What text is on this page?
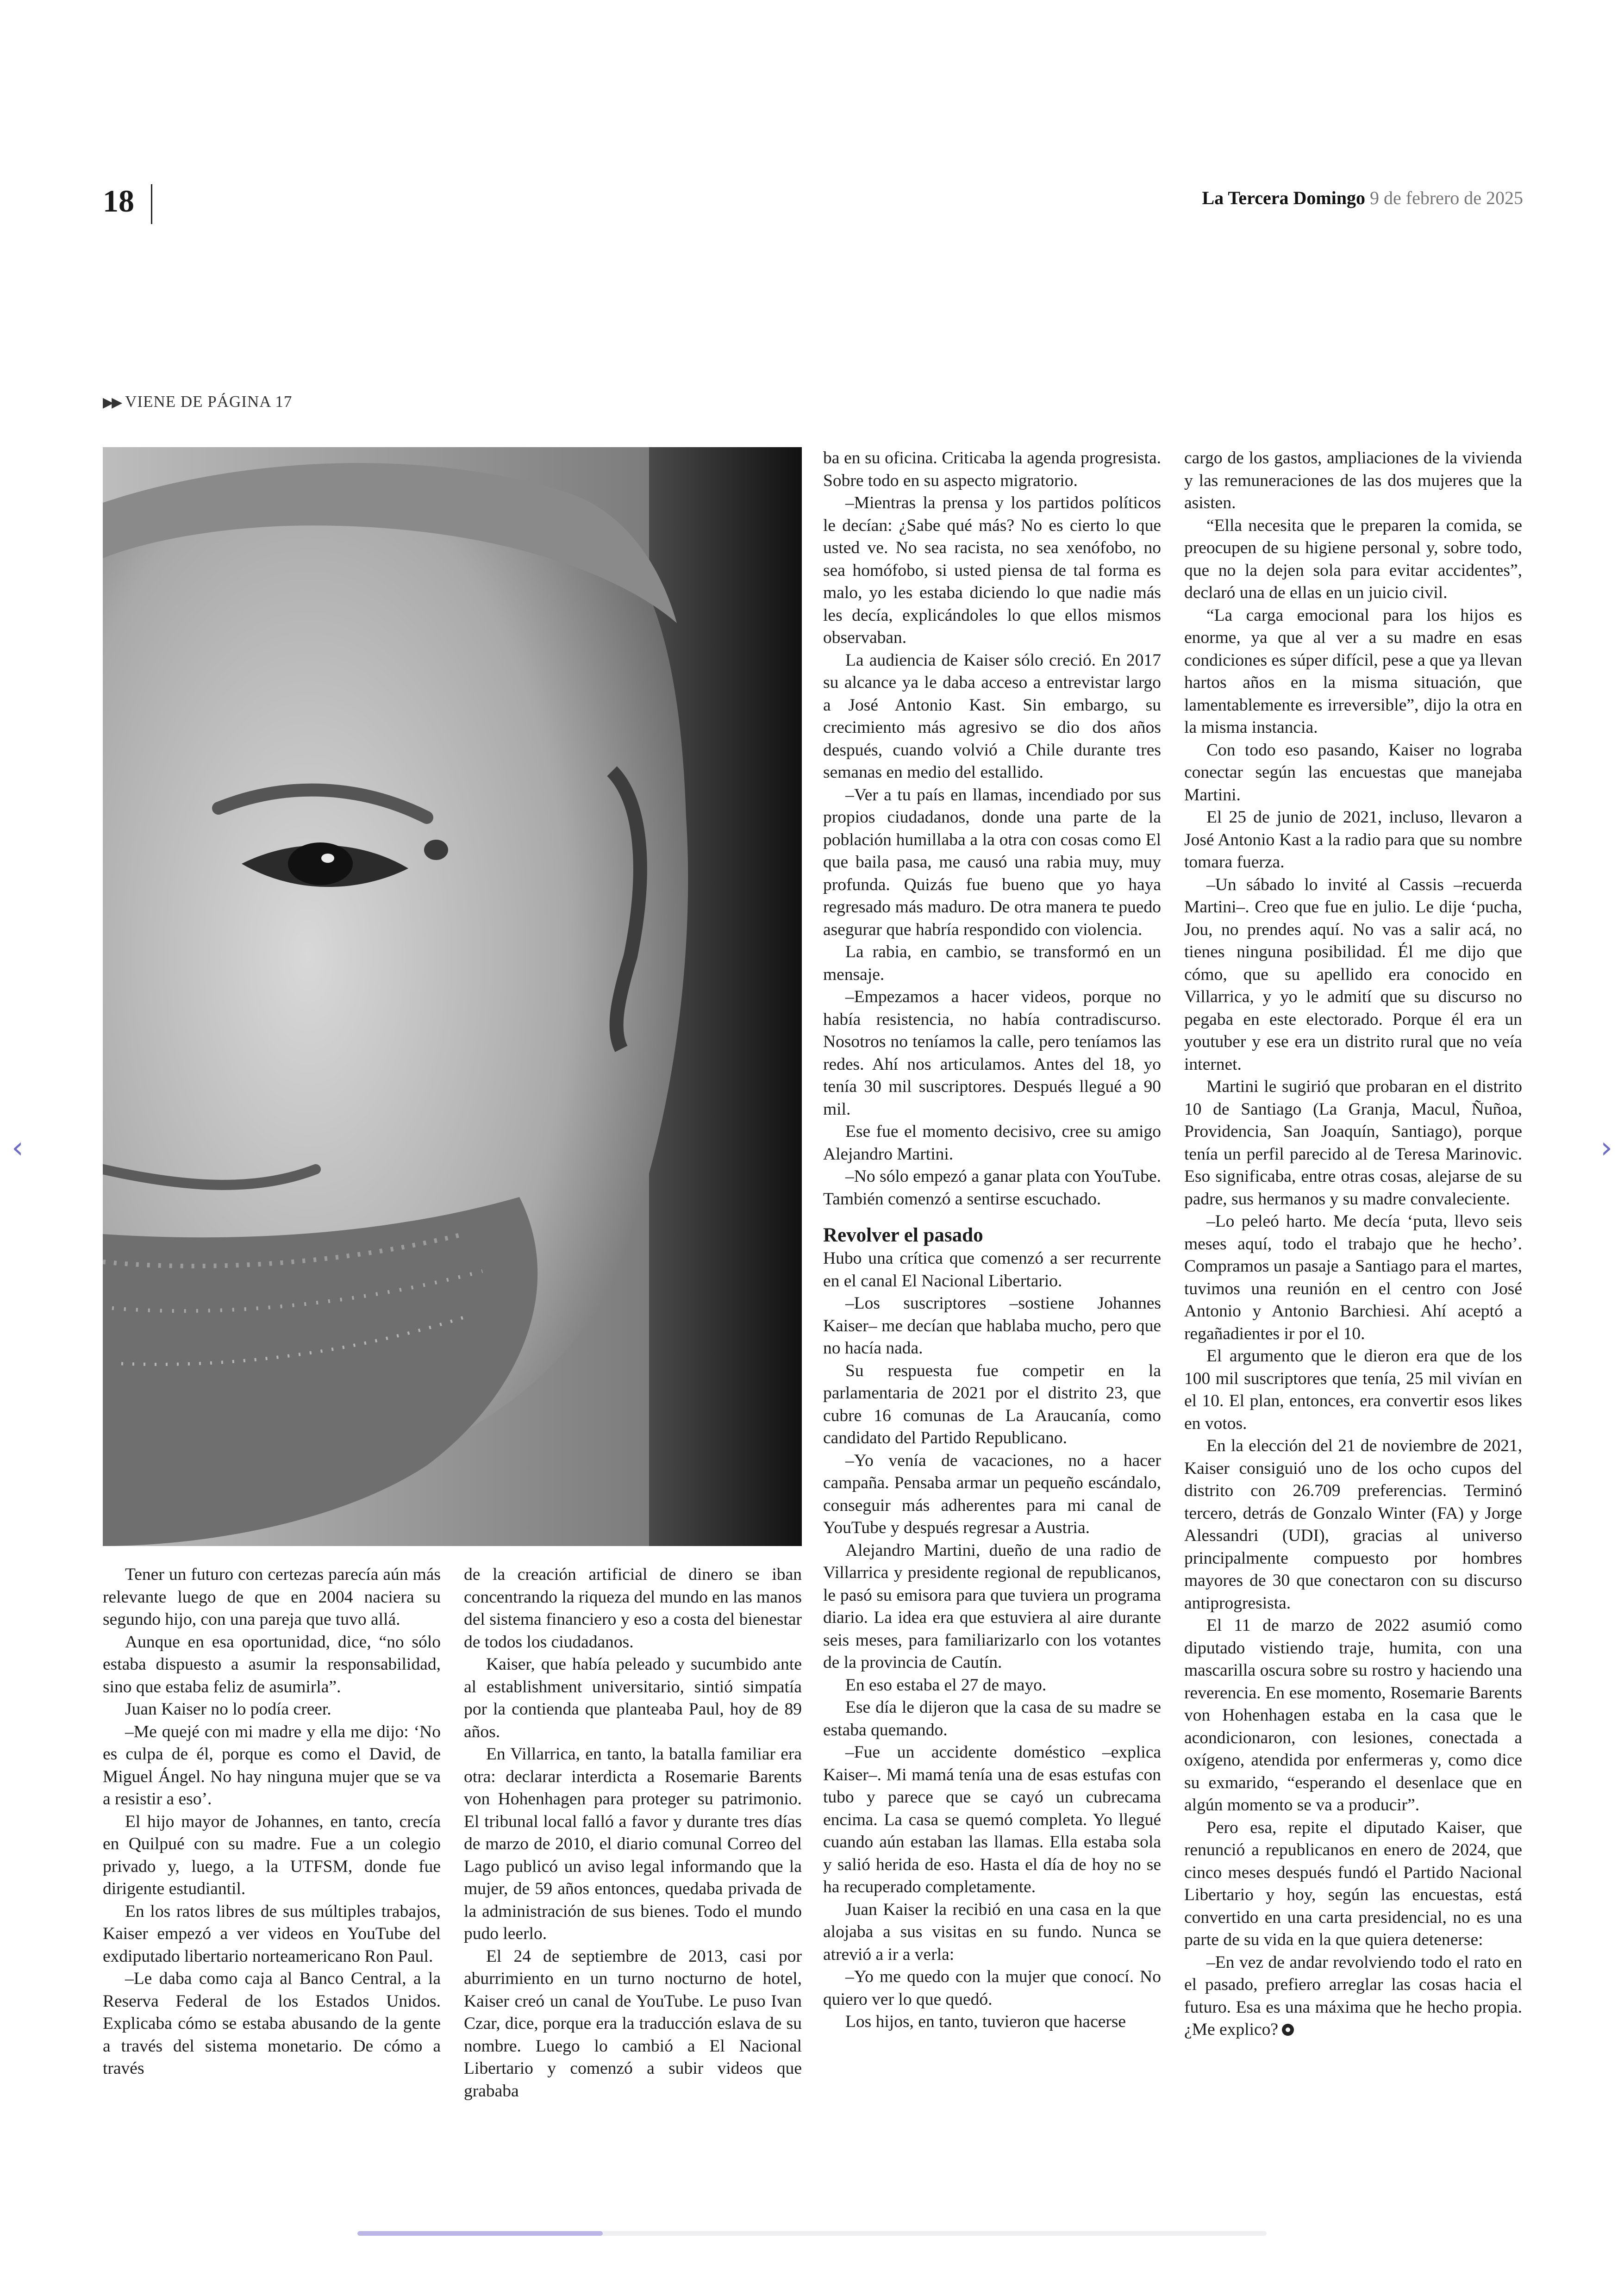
18	La Tercera Domingo 9 de febrero de 2025
▶▶ VIENE DE PÁGINA 17

Tener un futuro con certezas parecía aún más relevante luego de que en 2004 naciera su segundo hijo, con una pareja que tuvo allá.

Aunque en esa oportunidad, dice, “no sólo estaba dispuesto a asumir la responsabilidad, sino que estaba feliz de asumirla”.

Juan Kaiser no lo podía creer.

–Me quejé con mi madre y ella me dijo: ‘No es culpa de él, porque es como el David, de Miguel Ángel. No hay ninguna mujer que se va a resistir a eso’.

El hijo mayor de Johannes, en tanto, crecía en Quilpué con su madre. Fue a un colegio privado y, luego, a la UTFSM, donde fue dirigente estudiantil.

En los ratos libres de sus múltiples trabajos, Kaiser empezó a ver videos en YouTube del exdiputado libertario norteamericano Ron Paul.

–Le daba como caja al Banco Central, a la Reserva Federal de los Estados Unidos. Explicaba cómo se estaba abusando de la gente a través del sistema monetario. De cómo a través

de la creación artificial de dinero se iban concentrando la riqueza del mundo en las manos del sistema financiero y eso a costa del bienestar de todos los ciudadanos.

Kaiser, que había peleado y sucumbido ante al establishment universitario, sintió simpatía por la contienda que planteaba Paul, hoy de 89 años.

En Villarrica, en tanto, la batalla familiar era otra: declarar interdicta a Rosemarie Barents von Hohenhagen para proteger su patrimonio. El tribunal local falló a favor y durante tres días de marzo de 2010, el diario comunal Correo del Lago publicó un aviso legal informando que la mujer, de 59 años entonces, quedaba privada de la administración de sus bienes. Todo el mundo pudo leerlo.

El 24 de septiembre de 2013, casi por aburrimiento en un turno nocturno de hotel, Kaiser creó un canal de YouTube. Le puso Ivan Czar, dice, porque era la traducción eslava de su nombre. Luego lo cambió a El Nacional Libertario y comenzó a subir videos que grababa

ba en su oficina. Criticaba la agenda progresista. Sobre todo en su aspecto migratorio.

–Mientras la prensa y los partidos políticos le decían: ¿Sabe qué más? No es cierto lo que usted ve. No sea racista, no sea xenófobo, no sea homófobo, si usted piensa de tal forma es malo, yo les estaba diciendo lo que nadie más les decía, explicándoles lo que ellos mismos observaban.

La audiencia de Kaiser sólo creció. En 2017 su alcance ya le daba acceso a entrevistar largo a José Antonio Kast. Sin embargo, su crecimiento más agresivo se dio dos años después, cuando volvió a Chile durante tres semanas en medio del estallido.

–Ver a tu país en llamas, incendiado por sus propios ciudadanos, donde una parte de la población humillaba a la otra con cosas como El que baila pasa, me causó una rabia muy, muy profunda. Quizás fue bueno que yo haya regresado más maduro. De otra manera te puedo asegurar que habría respondido con violencia.

La rabia, en cambio, se transformó en un mensaje.

–Empezamos a hacer videos, porque no había resistencia, no había contradiscurso. Nosotros no teníamos la calle, pero teníamos las redes. Ahí nos articulamos. Antes del 18, yo tenía 30 mil suscriptores. Después llegué a 90 mil.

Ese fue el momento decisivo, cree su amigo Alejandro Martini.

–No sólo empezó a ganar plata con YouTube. También comenzó a sentirse escuchado.

Revolver el pasado

Hubo una crítica que comenzó a ser recurrente en el canal El Nacional Libertario.

–Los suscriptores –sostiene Johannes Kaiser– me decían que hablaba mucho, pero que no hacía nada.

Su respuesta fue competir en la parlamentaria de 2021 por el distrito 23, que cubre 16 comunas de La Araucanía, como candidato del Partido Republicano.

–Yo venía de vacaciones, no a hacer campaña. Pensaba armar un pequeño escándalo, conseguir más adherentes para mi canal de YouTube y después regresar a Austria.

Alejandro Martini, dueño de una radio de Villarrica y presidente regional de republicanos, le pasó su emisora para que tuviera un programa diario. La idea era que estuviera al aire durante seis meses, para familiarizarlo con los votantes de la provincia de Cautín.

En eso estaba el 27 de mayo.

Ese día le dijeron que la casa de su madre se estaba quemando.

–Fue un accidente doméstico –explica Kaiser–. Mi mamá tenía una de esas estufas con tubo y parece que se cayó un cubrecama encima. La casa se quemó completa. Yo llegué cuando aún estaban las llamas. Ella estaba sola y salió herida de eso. Hasta el día de hoy no se ha recuperado completamente.

Juan Kaiser la recibió en una casa en la que alojaba a sus visitas en su fundo. Nunca se atrevió a ir a verla:

–Yo me quedo con la mujer que conocí. No quiero ver lo que quedó.

Los hijos, en tanto, tuvieron que hacerse

cargo de los gastos, ampliaciones de la vivienda y las remuneraciones de las dos mujeres que la asisten.

“Ella necesita que le preparen la comida, se preocupen de su higiene personal y, sobre todo, que no la dejen sola para evitar accidentes”, declaró una de ellas en un juicio civil.

“La carga emocional para los hijos es enorme, ya que al ver a su madre en esas condiciones es súper difícil, pese a que ya llevan hartos años en la misma situación, que lamentablemente es irreversible”, dijo la otra en la misma instancia.

Con todo eso pasando, Kaiser no lograba conectar según las encuestas que manejaba Martini.

El 25 de junio de 2021, incluso, llevaron a José Antonio Kast a la radio para que su nombre tomara fuerza.

–Un sábado lo invité al Cassis –recuerda Martini–. Creo que fue en julio. Le dije ‘pucha, Jou, no prendes aquí. No vas a salir acá, no tienes ninguna posibilidad. Él me dijo que cómo, que su apellido era conocido en Villarrica, y yo le admití que su discurso no pegaba en este electorado. Porque él era un youtuber y ese era un distrito rural que no veía internet.

Martini le sugirió que probaran en el distrito 10 de Santiago (La Granja, Macul, Ñuñoa, Providencia, San Joaquín, Santiago), porque tenía un perfil parecido al de Teresa Marinovic. Eso significaba, entre otras cosas, alejarse de su padre, sus hermanos y su madre convaleciente.

–Lo peleó harto. Me decía ‘puta, llevo seis meses aquí, todo el trabajo que he hecho’. Compramos un pasaje a Santiago para el martes, tuvimos una reunión en el centro con José Antonio y Antonio Barchiesi. Ahí aceptó a regañadientes ir por el 10.

El argumento que le dieron era que de los 100 mil suscriptores que tenía, 25 mil vivían en el 10. El plan, entonces, era convertir esos likes en votos.

En la elección del 21 de noviembre de 2021, Kaiser consiguió uno de los ocho cupos del distrito con 26.709 preferencias. Terminó tercero, detrás de Gonzalo Winter (FA) y Jorge Alessandri (UDI), gracias al universo principalmente compuesto por hombres mayores de 30 que conectaron con su discurso antiprogresista.

El 11 de marzo de 2022 asumió como diputado vistiendo traje, humita, con una mascarilla oscura sobre su rostro y haciendo una reverencia. En ese momento, Rosemarie Barents von Hohenhagen estaba en la casa que le acondicionaron, con lesiones, conectada a oxígeno, atendida por enfermeras y, como dice su exmarido, “esperando el desenlace que en algún momento se va a producir”.

Pero esa, repite el diputado Kaiser, que renunció a republicanos en enero de 2024, que cinco meses después fundó el Partido Nacional Libertario y hoy, según las encuestas, está convertido en una carta presidencial, no es una parte de su vida en la que quiera detenerse:

–En vez de andar revolviendo todo el rato en el pasado, prefiero arreglar las cosas hacia el futuro. Esa es una máxima que he hecho propia. ¿Me explico?

‹	›
